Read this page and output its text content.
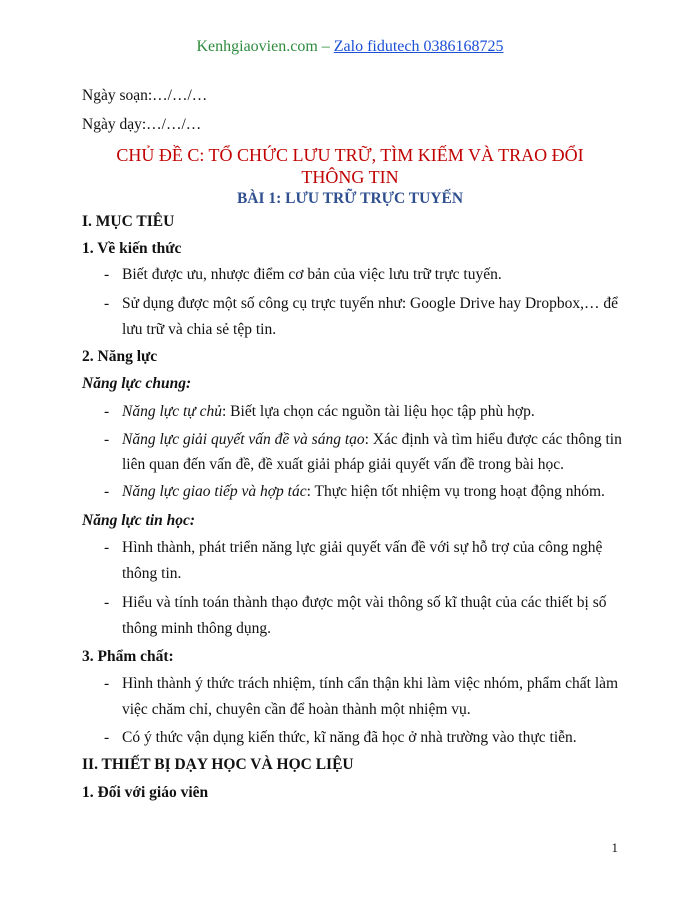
Kenhgiaovien.com – Zalo fidutech 0386168725
Ngày soạn:…/…/…
Ngày dạy:…/…/…
CHỦ ĐỀ C: TỔ CHỨC LƯU TRỮ, TÌM KIẾM VÀ TRAO ĐỔI
THÔNG TIN
BÀI 1: LƯU TRỮ TRỰC TUYẾN
I. MỤC TIÊU
1. Về kiến thức
- Biết được ưu, nhược điểm cơ bản của việc lưu trữ trực tuyến.
- Sử dụng được một số công cụ trực tuyến như: Google Drive hay Dropbox,… để
lưu trữ và chia sẻ tệp tin.
2. Năng lực
Năng lực chung:
- Năng lực tự chủ: Biết lựa chọn các nguồn tài liệu học tập phù hợp.
- Năng lực giải quyết vấn đề và sáng tạo: Xác định và tìm hiểu được các thông tin
liên quan đến vấn đề, đề xuất giải pháp giải quyết vấn đề trong bài học.
- Năng lực giao tiếp và hợp tác: Thực hiện tốt nhiệm vụ trong hoạt động nhóm.
Năng lực tin học:
- Hình thành, phát triển năng lực giải quyết vấn đề với sự hỗ trợ của công nghệ
thông tin.
- Hiểu và tính toán thành thạo được một vài thông số kĩ thuật của các thiết bị số
thông minh thông dụng.
3. Phẩm chất:
- Hình thành ý thức trách nhiệm, tính cẩn thận khi làm việc nhóm, phẩm chất làm
việc chăm chỉ, chuyên cần để hoàn thành một nhiệm vụ.
- Có ý thức vận dụng kiến thức, kĩ năng đã học ở nhà trường vào thực tiễn.
II. THIẾT BỊ DẠY HỌC VÀ HỌC LIỆU
1. Đối với giáo viên
1
